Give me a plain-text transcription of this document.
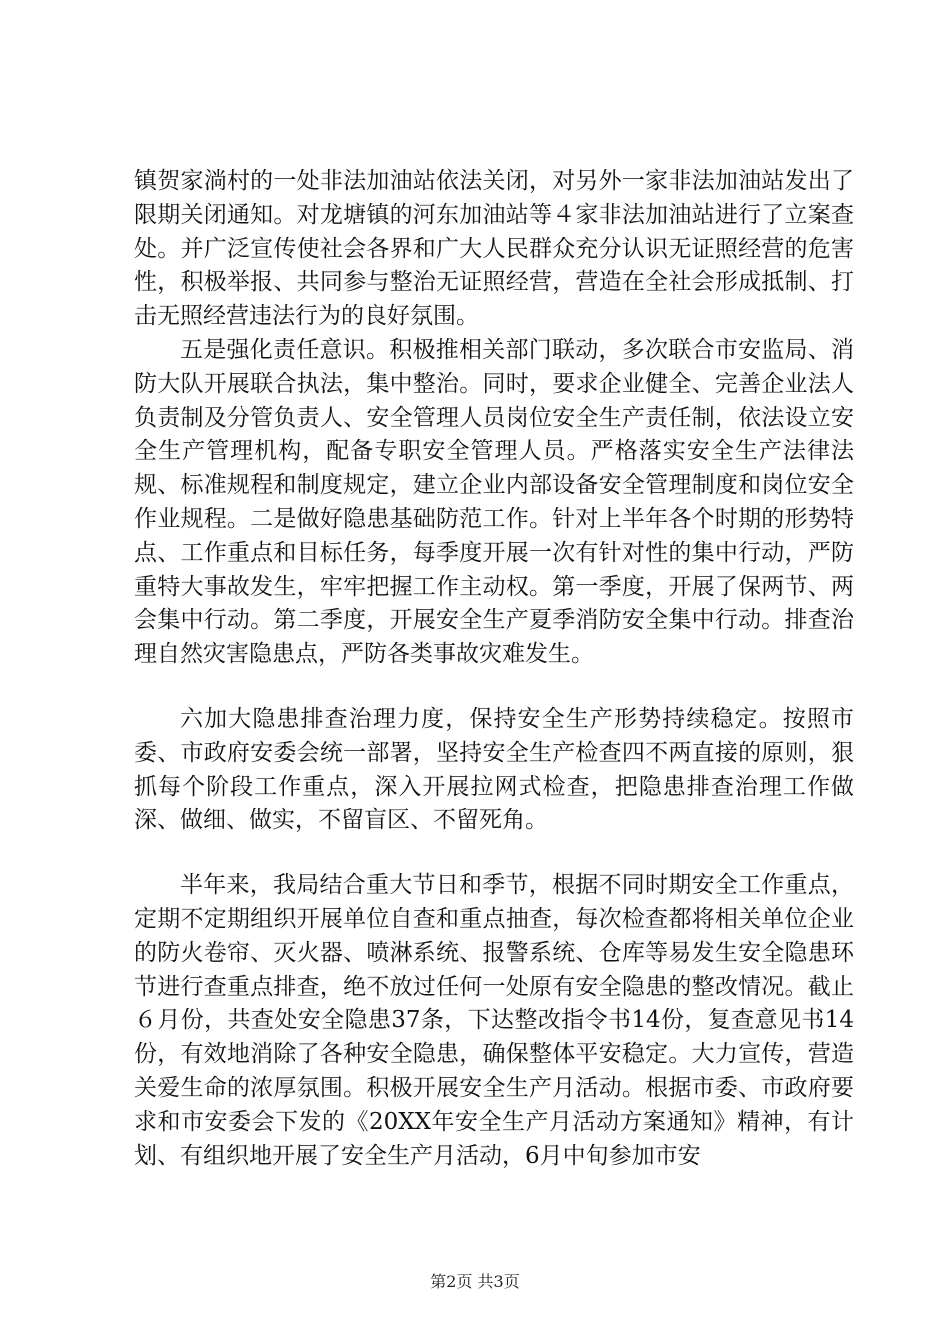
镇贺家淌村的一处非法加油站依法关闭，对另外一家非法加油站发出了限期关闭通知。对龙塘镇的河东加油站等４家非法加油站进行了立案查处。并广泛宣传使社会各界和广大人民群众充分认识无证照经营的危害性，积极举报、共同参与整治无证照经营，营造在全社会形成抵制、打击无照经营违法行为的良好氛围。

五是强化责任意识。积极推相关部门联动，多次联合市安监局、消防大队开展联合执法，集中整治。同时，要求企业健全、完善企业法人负责制及分管负责人、安全管理人员岗位安全生产责任制，依法设立安全生产管理机构，配备专职安全管理人员。严格落实安全生产法律法规、标准规程和制度规定，建立企业内部设备安全管理制度和岗位安全作业规程。二是做好隐患基础防范工作。针对上半年各个时期的形势特点、工作重点和目标任务，每季度开展一次有针对性的集中行动，严防重特大事故发生，牢牢把握工作主动权。第一季度，开展了保两节、两会集中行动。第二季度，开展安全生产夏季消防安全集中行动。排查治理自然灾害隐患点，严防各类事故灾难发生。

六加大隐患排查治理力度，保持安全生产形势持续稳定。按照市委、市政府安委会统一部署，坚持安全生产检查四不两直接的原则，狠抓每个阶段工作重点，深入开展拉网式检查，把隐患排查治理工作做深、做细、做实，不留盲区、不留死角。

半年来，我局结合重大节日和季节，根据不同时期安全工作重点，定期不定期组织开展单位自查和重点抽查，每次检查都将相关单位企业的防火卷帘、灭火器、喷淋系统、报警系统、仓库等易发生安全隐患环节进行查重点排查，绝不放过任何一处原有安全隐患的整改情况。截止６月份，共查处安全隐患37条，下达整改指令书14份，复查意见书14份，有效地消除了各种安全隐患，确保整体平安稳定。大力宣传，营造关爱生命的浓厚氛围。积极开展安全生产月活动。根据市委、市政府要求和市安委会下发的《20XX年安全生产月活动方案通知》精神，有计划、有组织地开展了安全生产月活动，6月中旬参加市安

第2页 共3页
